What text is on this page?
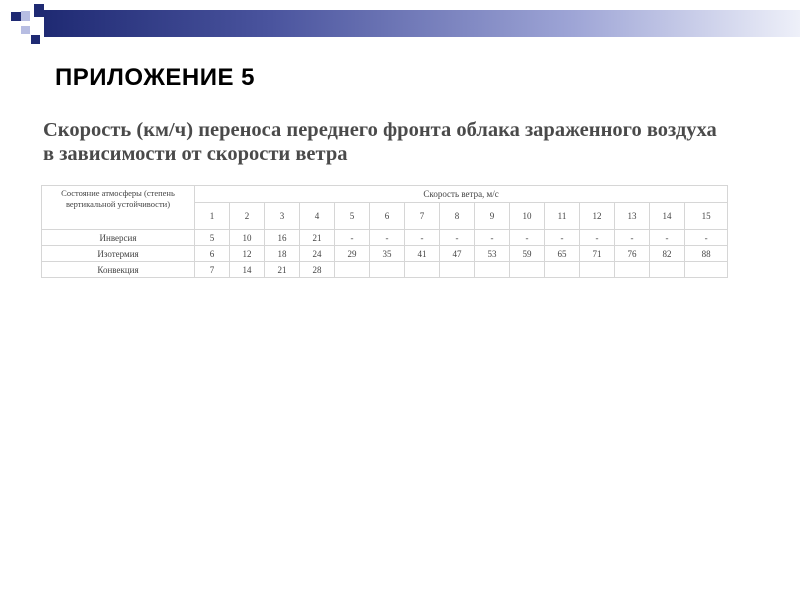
ПРИЛОЖЕНИЕ 5

Скорость (км/ч) переноса переднего фронта облака зараженного воздуха в зависимости от скорости ветра

Состояние атмосферы (степень вертикальной устойчивости)	Скорость ветра, м/с														
	1	2	3	4	5	6	7	8	9	10	11	12	13	14	15
Инверсия	5	10	16	21	-	-	-	-	-	-	-	-	-	-	-
Изотермия	6	12	18	24	29	35	41	47	53	59	65	71	76	82	88
Конвекция	7	14	21	28											
